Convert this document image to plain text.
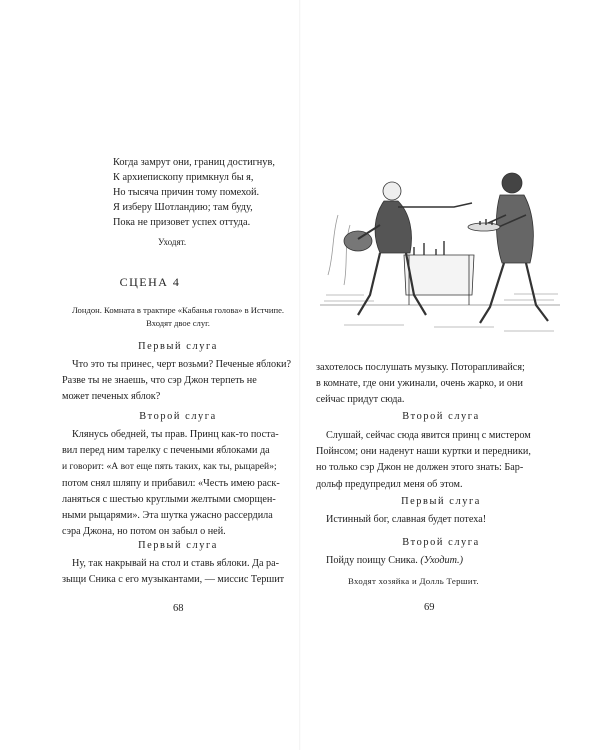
Когда замрут они, границ достигнув,
К архиепископу примкнул бы я,
Но тысяча причин тому помехой.
Я изберу Шотландию; там буду,
Пока не призовет успех оттуда.
Уходят.
СЦЕНА 4
Лондон. Комната в трактире «Кабанья голова» в Истчипе.
Входят двое слуг.
Первый слуга
Что это ты принес, черт возьми? Печеные яблоки?
Разве ты не знаешь, что сэр Джон терпеть не
может печеных яблок?
Второй слуга
Клянусь обедней, ты прав. Принц как-то поста-
вил перед ним тарелку с печеными яблоками да
и говорит: «А вот еще пять таких, как ты, рыцарей»;
потом снял шляпу и прибавил: «Честь имею раск-
ланяться с шестью круглыми желтыми сморщен-
ными рыцарями». Эта шутка ужасно рассердила
сэра Джона, но потом он забыл о ней.
Первый слуга
Ну, так накрывай на стол и ставь яблоки. Да ра-
зыщи Сника с его музыкантами, — миссис Тершит
68
захотелось послушать музыку. Поторапливайся;
в комнате, где они ужинали, очень жарко, и они
сейчас придут сюда.
Второй слуга
Слушай, сейчас сюда явится принц с мистером
Пойнсом; они наденут наши куртки и передники,
но только сэр Джон не должен этого знать: Бар-
дольф предупредил меня об этом.
Первый слуга
Истинный бог, славная будет потеха!
Второй слуга
Пойду поищу Сника. (Уходит.)
Входят хозяйка и Долль Тершит.
69
